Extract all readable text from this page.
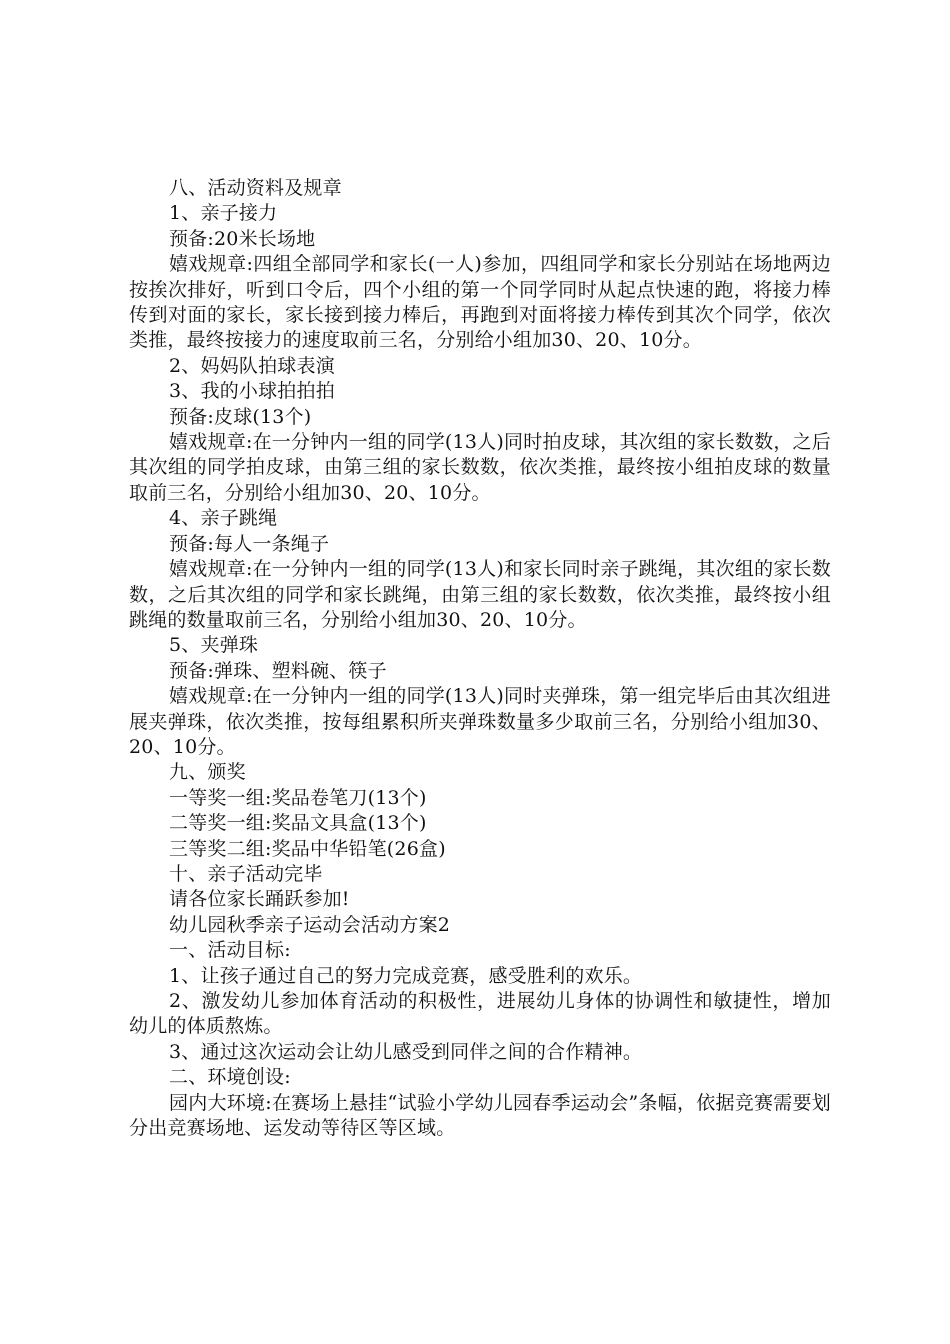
八、活动资料及规章

1、亲子接力

预备:20米长场地

嬉戏规章:四组全部同学和家长(一人)参加，四组同学和家长分别站在场地两边按挨次排好，听到口令后，四个小组的第一个同学同时从起点快速的跑，将接力棒传到对面的家长，家长接到接力棒后，再跑到对面将接力棒传到其次个同学，依次类推，最终按接力的速度取前三名，分别给小组加30、20、10分。

2、妈妈队拍球表演

3、我的小球拍拍拍

预备:皮球(13个)

嬉戏规章:在一分钟内一组的同学(13人)同时拍皮球，其次组的家长数数，之后其次组的同学拍皮球，由第三组的家长数数，依次类推，最终按小组拍皮球的数量取前三名，分别给小组加30、20、10分。

4、亲子跳绳

预备:每人一条绳子

嬉戏规章:在一分钟内一组的同学(13人)和家长同时亲子跳绳，其次组的家长数数，之后其次组的同学和家长跳绳，由第三组的家长数数，依次类推，最终按小组跳绳的数量取前三名，分别给小组加30、20、10分。

5、夹弹珠

预备:弹珠、塑料碗、筷子

嬉戏规章:在一分钟内一组的同学(13人)同时夹弹珠，第一组完毕后由其次组进展夹弹珠，依次类推，按每组累积所夹弹珠数量多少取前三名，分别给小组加30、20、10分。

九、颁奖

一等奖一组:奖品卷笔刀(13个)

二等奖一组:奖品文具盒(13个)

三等奖二组:奖品中华铅笔(26盒)

十、亲子活动完毕

请各位家长踊跃参加!

幼儿园秋季亲子运动会活动方案2

一、活动目标:

1、让孩子通过自己的努力完成竞赛，感受胜利的欢乐。

2、激发幼儿参加体育活动的积极性，进展幼儿身体的协调性和敏捷性，增加幼儿的体质熬炼。

3、通过这次运动会让幼儿感受到同伴之间的合作精神。

二、环境创设:

园内大环境:在赛场上悬挂“试验小学幼儿园春季运动会”条幅，依据竞赛需要划分出竞赛场地、运发动等待区等区域。
